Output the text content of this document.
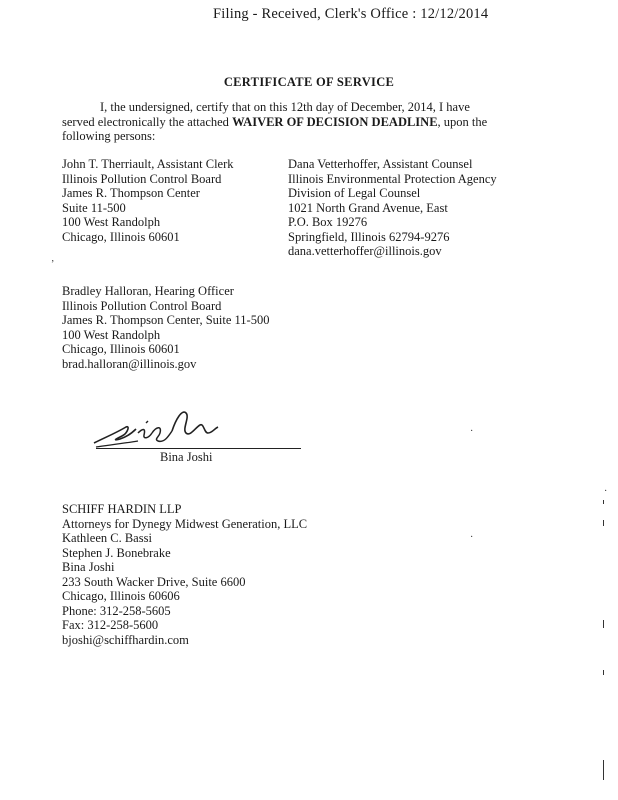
Filing - Received, Clerk's Office : 12/12/2014
CERTIFICATE OF SERVICE
I, the undersigned, certify that on this 12th day of December, 2014, I have served electronically the attached WAIVER OF DECISION DEADLINE, upon the following persons:
John T. Therriault, Assistant Clerk
Illinois Pollution Control Board
James R. Thompson Center
Suite 11-500
100 West Randolph
Chicago, Illinois 60601
Dana Vetterhoffer, Assistant Counsel
Illinois Environmental Protection Agency
Division of Legal Counsel
1021 North Grand Avenue, East
P.O. Box 19276
Springfield, Illinois 62794-9276
dana.vetterhoffer@illinois.gov
’
Bradley Halloran, Hearing Officer
Illinois Pollution Control Board
James R. Thompson Center, Suite 11-500
100 West Randolph
Chicago, Illinois 60601
brad.halloran@illinois.gov
Bina Joshi
SCHIFF HARDIN LLP
Attorneys for Dynegy Midwest Generation, LLC
Kathleen C. Bassi
Stephen J. Bonebrake
Bina Joshi
233 South Wacker Drive, Suite 6600
Chicago, Illinois 60606
Phone: 312-258-5605
Fax: 312-258-5600
bjoshi@schiffhardin.com
·
·
·
